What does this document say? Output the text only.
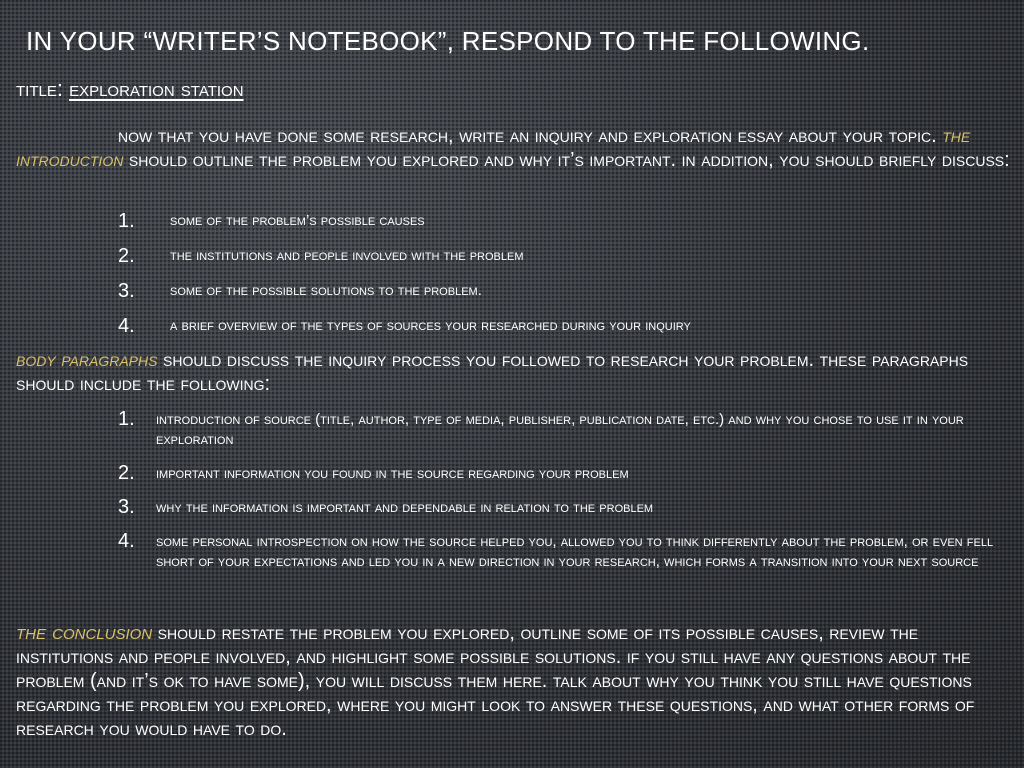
IN YOUR “WRITER’S NOTEBOOK”, RESPOND TO THE FOLLOWING.
title: exploration station
now that you have done some research, write an inquiry and exploration essay about your topic. the introduction should outline the problem you explored and why it’s important. in addition, you should briefly discuss:
1. some of the problem’s possible causes
2. the institutions and people involved with the problem
3. some of the possible solutions to the problem.
4. a brief overview of the types of sources your researched during your inquiry
body paragraphs should discuss the inquiry process you followed to research your problem. these paragraphs should include the following:
1. introduction of source (title, author, type of media, publisher, publication date, etc.) and why you chose to use it in your exploration
2. important information you found in the source regarding your problem
3. why the information is important and dependable in relation to the problem
4. some personal introspection on how the source helped you, allowed you to think differently about the problem, or even fell short of your expectations and led you in a new direction in your research, which forms a transition into your next source
the conclusion should restate the problem you explored, outline some of its possible causes, review the institutions and people involved, and highlight some possible solutions. if you still have any questions about the problem (and it’s ok to have some), you will discuss them here. talk about why you think you still have questions regarding the problem you explored, where you might look to answer these questions, and what other forms of research you would have to do.
